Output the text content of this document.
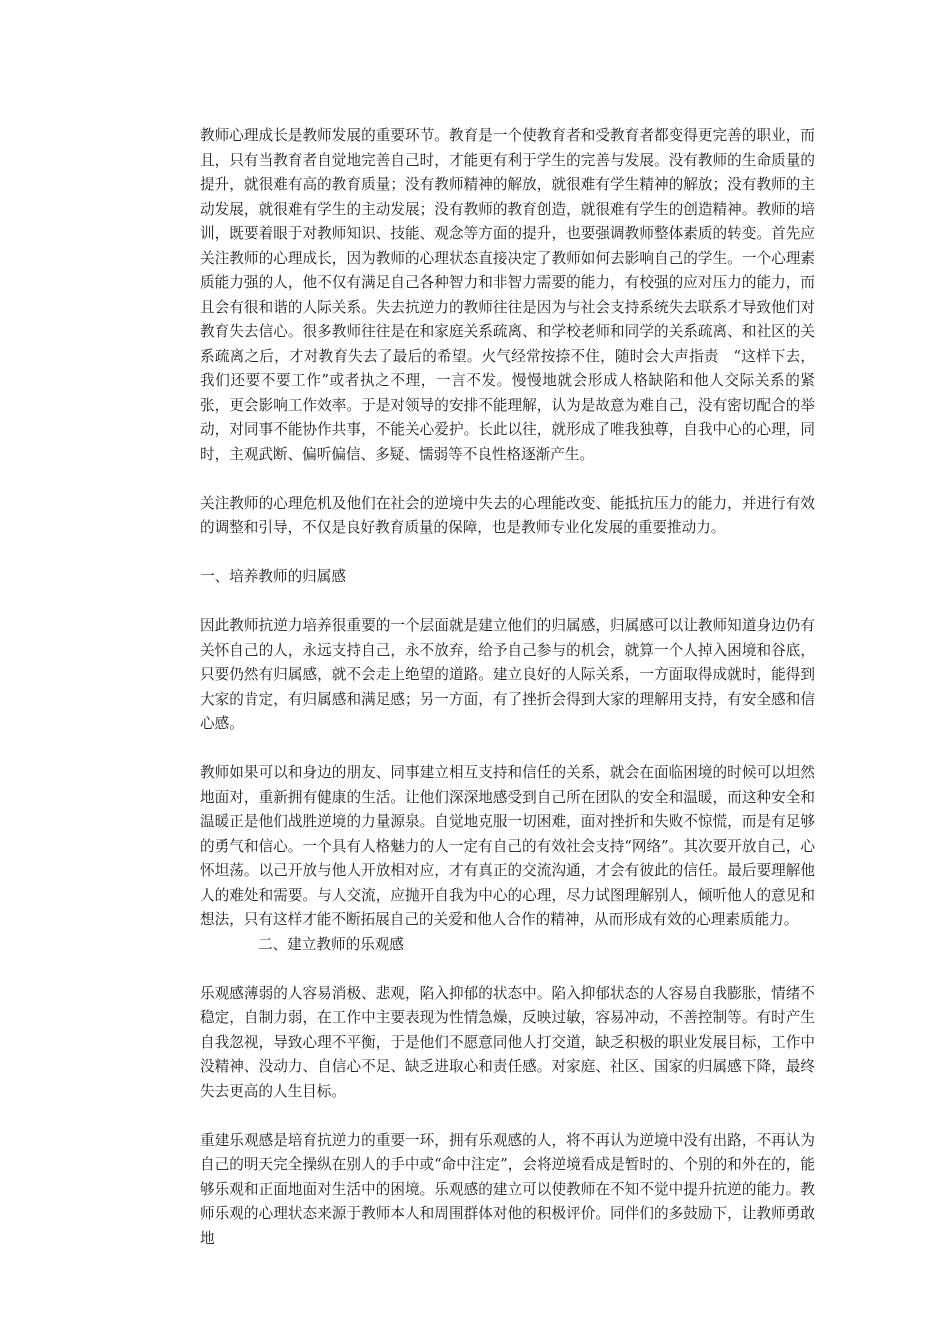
教师心理成长是教师发展的重要环节。教育是一个使教育者和受教育者都变得更完善的职业，而且，只有当教育者自觉地完善自己时，才能更有利于学生的完善与发展。没有教师的生命质量的提升，就很难有高的教育质量；没有教师精神的解放，就很难有学生精神的解放；没有教师的主动发展，就很难有学生的主动发展；没有教师的教育创造，就很难有学生的创造精神。教师的培训，既要着眼于对教师知识、技能、观念等方面的提升，也要强调教师整体素质的转变。首先应关注教师的心理成长，因为教师的心理状态直接决定了教师如何去影响自己的学生。一个心理素质能力强的人，他不仅有满足自己各种智力和非智力需要的能力，有校强的应对压力的能力，而且会有很和谐的人际关系。失去抗逆力的教师往往是因为与社会支持系统失去联系才导致他们对教育失去信心。很多教师往往是在和家庭关系疏离、和学校老师和同学的关系疏离、和社区的关系疏离之后，才对教育失去了最后的希望。火气经常按捺不住，随时会大声指责　“这样下去，我们还要不要工作”或者执之不理，一言不发。慢慢地就会形成人格缺陷和他人交际关系的紧张，更会影响工作效率。于是对领导的安排不能理解，认为是故意为难自己，没有密切配合的举动，对同事不能协作共事，不能关心爱护。长此以往，就形成了唯我独尊，自我中心的心理，同时，主观武断、偏听偏信、多疑、懦弱等不良性格逐渐产生。

关注教师的心理危机及他们在社会的逆境中失去的心理能改变、能抵抗压力的能力，并进行有效的调整和引导，不仅是良好教育质量的保障，也是教师专业化发展的重要推动力。

一、培养教师的归属感

因此教师抗逆力培养很重要的一个层面就是建立他们的归属感，归属感可以让教师知道身边仍有关怀自己的人，永远支持自己，永不放弃，给予自己参与的机会，就算一个人掉入困境和谷底，只要仍然有归属感，就不会走上绝望的道路。建立良好的人际关系，一方面取得成就时，能得到大家的肯定，有归属感和满足感；另一方面，有了挫折会得到大家的理解用支持，有安全感和信心感。

教师如果可以和身边的朋友、同事建立相互支持和信任的关系，就会在面临困境的时候可以坦然地面对，重新拥有健康的生活。让他们深深地感受到自己所在团队的安全和温暖，而这种安全和温暖正是他们战胜逆境的力量源泉。自觉地克服一切困难，面对挫折和失败不惊慌，而是有足够的勇气和信心。一个具有人格魅力的人一定有自己的有效社会支持“网络”。其次要开放自己，心怀坦荡。以己开放与他人开放相对应，才有真正的交流沟通，才会有彼此的信任。最后要理解他人的难处和需要。与人交流，应抛开自我为中心的心理，尽力试图理解别人，倾听他人的意见和想法，只有这样才能不断拓展自己的关爱和他人合作的精神，从而形成有效的心理素质能力。

二、建立教师的乐观感

乐观感薄弱的人容易消极、悲观，陷入抑郁的状态中。陷入抑郁状态的人容易自我膨胀，情绪不稳定，自制力弱，在工作中主要表现为性情急燥，反映过敏，容易冲动，不善控制等。有时产生自我忽视，导致心理不平衡，于是他们不愿意同他人打交道，缺乏积极的职业发展目标，工作中没精神、没动力、自信心不足、缺乏进取心和责任感。对家庭、社区、国家的归属感下降，最终失去更高的人生目标。

重建乐观感是培育抗逆力的重要一环，拥有乐观感的人，将不再认为逆境中没有出路，不再认为自己的明天完全操纵在别人的手中或“命中注定”，会将逆境看成是暂时的、个别的和外在的，能够乐观和正面地面对生活中的困境。乐观感的建立可以使教师在不知不觉中提升抗逆的能力。教师乐观的心理状态来源于教师本人和周围群体对他的积极评价。同伴们的多鼓励下，让教师勇敢地
